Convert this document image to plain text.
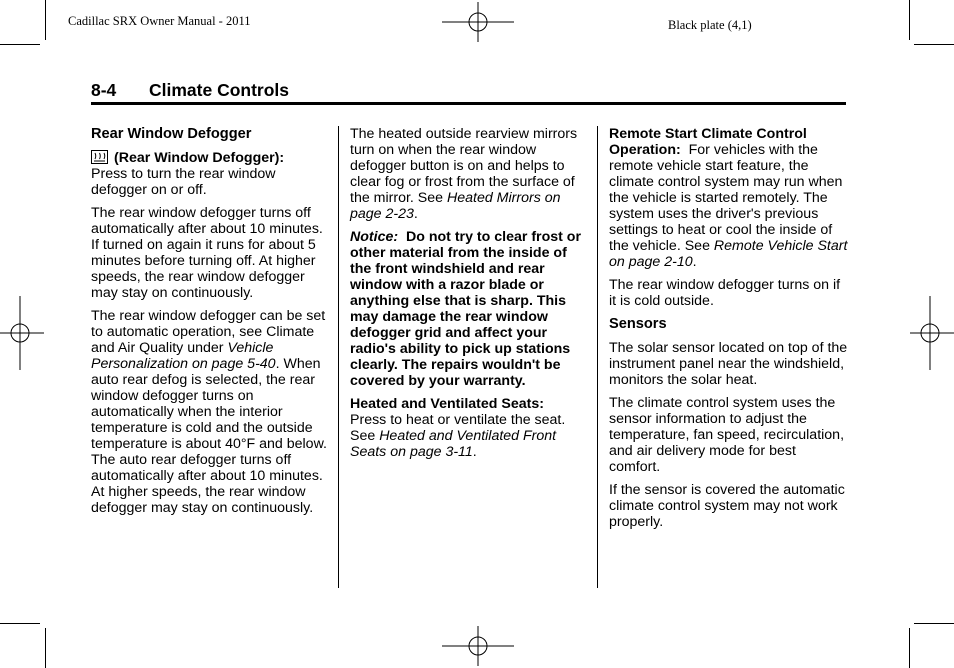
Cadillac SRX Owner Manual - 2011	Black plate (4,1)
8-4 Climate Controls
Rear Window Defogger

(Rear Window Defogger):
Press to turn the rear window defogger on or off.

The rear window defogger turns off automatically after about 10 minutes. If turned on again it runs for about 5 minutes before turning off. At higher speeds, the rear window defogger may stay on continuously.

The rear window defogger can be set to automatic operation, see Climate and Air Quality under Vehicle Personalization on page 5-40. When auto rear defog is selected, the rear window defogger turns on automatically when the interior temperature is cold and the outside temperature is about 40°F and below. The auto rear defogger turns off automatically after about 10 minutes. At higher speeds, the rear window defogger may stay on continuously.

The heated outside rearview mirrors turn on when the rear window defogger button is on and helps to clear fog or frost from the surface of the mirror. See Heated Mirrors on page 2-23.

Notice: Do not try to clear frost or other material from the inside of the front windshield and rear window with a razor blade or anything else that is sharp. This may damage the rear window defogger grid and affect your radio's ability to pick up stations clearly. The repairs wouldn't be covered by your warranty.

Heated and Ventilated Seats:
Press to heat or ventilate the seat. See Heated and Ventilated Front Seats on page 3-11.

Remote Start Climate Control Operation: For vehicles with the remote vehicle start feature, the climate control system may run when the vehicle is started remotely. The system uses the driver's previous settings to heat or cool the inside of the vehicle. See Remote Vehicle Start on page 2-10.

The rear window defogger turns on if it is cold outside.

Sensors

The solar sensor located on top of the instrument panel near the windshield, monitors the solar heat.

The climate control system uses the sensor information to adjust the temperature, fan speed, recirculation, and air delivery mode for best comfort.

If the sensor is covered the automatic climate control system may not work properly.
